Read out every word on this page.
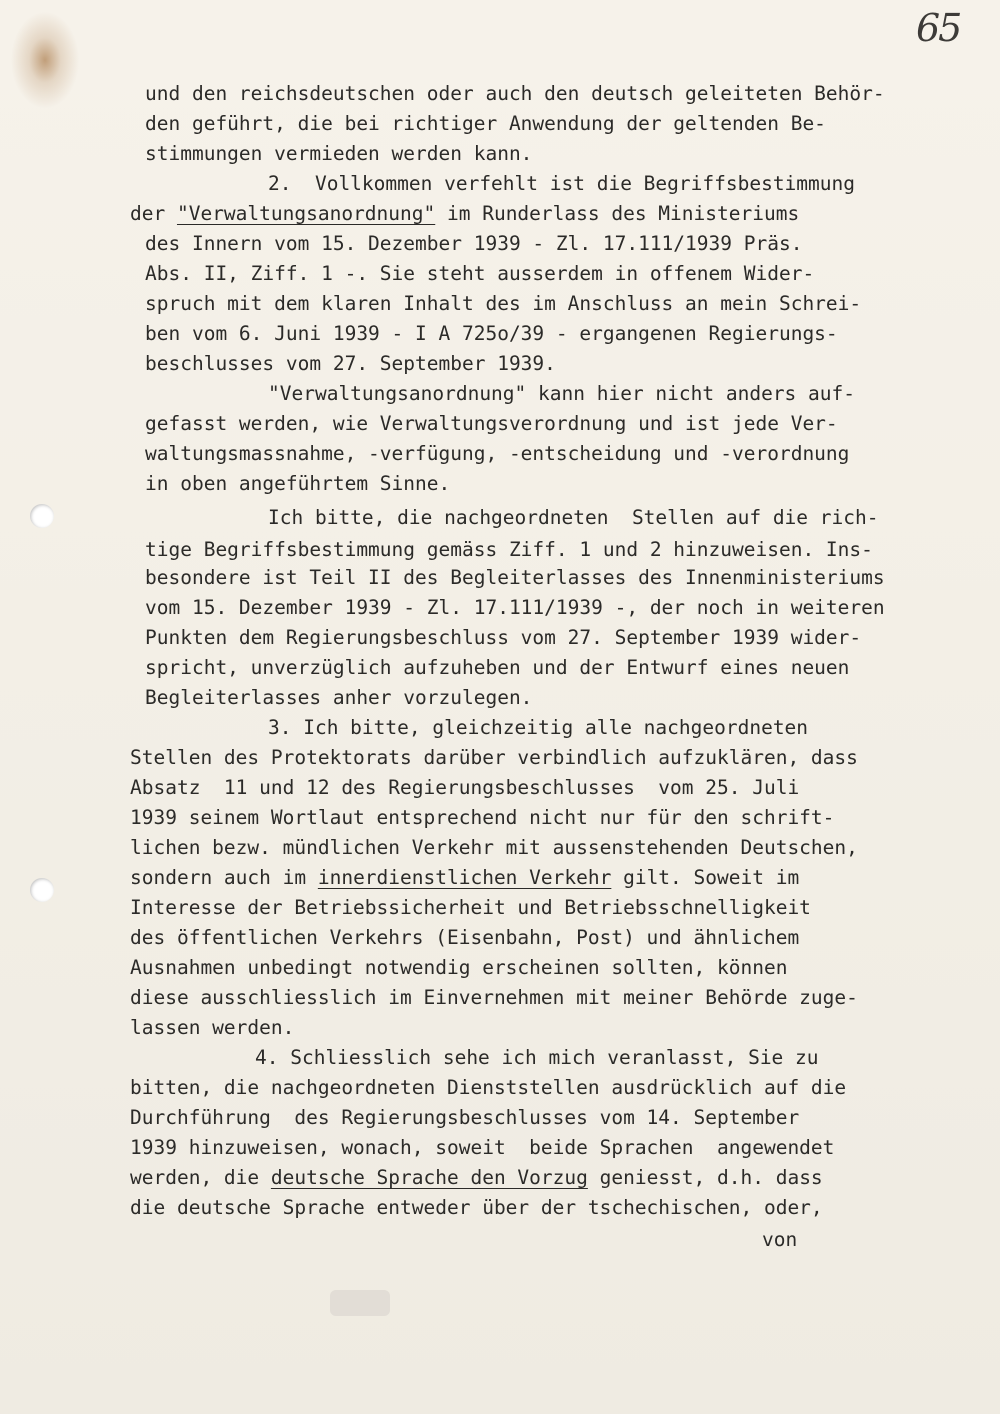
65
und den reichsdeutschen oder auch den deutsch geleiteten Behör-
den geführt, die bei richtiger Anwendung der geltenden Be-
stimmungen vermieden werden kann.
2.  Vollkommen verfehlt ist die Begriffsbestimmung
der "Verwaltungsanordnung" im Runderlass des Ministeriums
des Innern vom 15. Dezember 1939 - Zl. 17.111/1939 Präs.
Abs. II, Ziff. 1 -. Sie steht ausserdem in offenem Wider-
spruch mit dem klaren Inhalt des im Anschluss an mein Schrei-
ben vom 6. Juni 1939 - I A 725o/39 - ergangenen Regierungs-
beschlusses vom 27. September 1939.
"Verwaltungsanordnung" kann hier nicht anders auf-
gefasst werden, wie Verwaltungsverordnung und ist jede Ver-
waltungsmassnahme, -verfügung, -entscheidung und -verordnung
in oben angeführtem Sinne.
Ich bitte, die nachgeordneten  Stellen auf die rich-
tige Begriffsbestimmung gemäss Ziff. 1 und 2 hinzuweisen. Ins-
besondere ist Teil II des Begleiterlasses des Innenministeriums
vom 15. Dezember 1939 - Zl. 17.111/1939 -, der noch in weiteren
Punkten dem Regierungsbeschluss vom 27. September 1939 wider-
spricht, unverzüglich aufzuheben und der Entwurf eines neuen
Begleiterlasses anher vorzulegen.
3. Ich bitte, gleichzeitig alle nachgeordneten
Stellen des Protektorats darüber verbindlich aufzuklären, dass
Absatz  11 und 12 des Regierungsbeschlusses  vom 25. Juli
1939 seinem Wortlaut entsprechend nicht nur für den schrift-
lichen bezw. mündlichen Verkehr mit aussenstehenden Deutschen,
sondern auch im innerdienstlichen Verkehr gilt. Soweit im
Interesse der Betriebssicherheit und Betriebsschnelligkeit
des öffentlichen Verkehrs (Eisenbahn, Post) und ähnlichem
Ausnahmen unbedingt notwendig erscheinen sollten, können
diese ausschliesslich im Einvernehmen mit meiner Behörde zuge-
lassen werden.
4. Schliesslich sehe ich mich veranlasst, Sie zu
bitten, die nachgeordneten Dienststellen ausdrücklich auf die
Durchführung  des Regierungsbeschlusses vom 14. September
1939 hinzuweisen, wonach, soweit  beide Sprachen  angewendet
werden, die deutsche Sprache den Vorzug geniesst, d.h. dass
die deutsche Sprache entweder über der tschechischen, oder,
von
